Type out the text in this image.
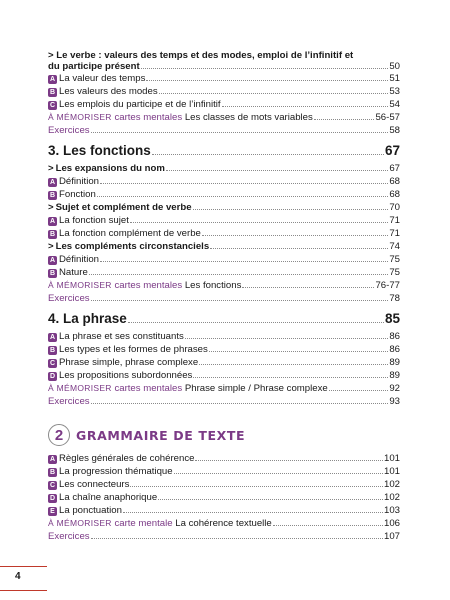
> Le verbe : valeurs des temps et des modes, emploi de l’infinitif et
du participe présent	50
A La valeur des temps	51
B Les valeurs des modes	53
C Les emplois du participe et de l’infinitif	54
À MÉMORISER cartes mentales Les classes de mots variables	56-57
Exercices	58
3. Les fonctions	67
> Les expansions du nom	67
A Définition	68
B Fonction	68
> Sujet et complément de verbe	70
A La fonction sujet	71
B La fonction complément de verbe	71
> Les compléments circonstanciels	74
A Définition	75
B Nature	75
À MÉMORISER cartes mentales Les fonctions	76-77
Exercices	78
4. La phrase	85
A La phrase et ses constituants	86
B Les types et les formes de phrases	86
C Phrase simple, phrase complexe	89
D Les propositions subordonnées	89
À MÉMORISER cartes mentales Phrase simple / Phrase complexe	92
Exercices	93
2	GRAMMAIRE DE TEXTE
A Règles générales de cohérence	101
B La progression thématique	101
C Les connecteurs	102
D La chaîne anaphorique	102
E La ponctuation	103
À MÉMORISER carte mentale La cohérence textuelle	106
Exercices	107
4
